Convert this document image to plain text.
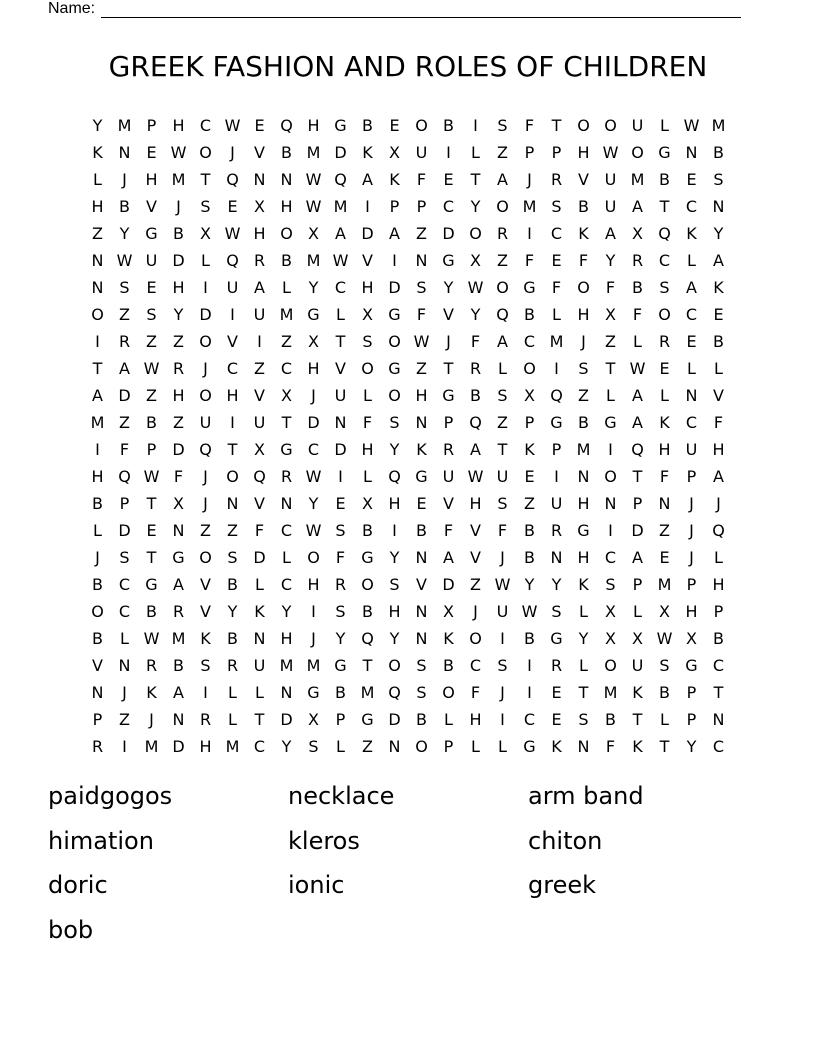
Name:
GREEK FASHION AND ROLES OF CHILDREN
Y M P	H C W E Q H G B	E O B	I	S	F	T O O U	L W M
K N E W O	J	V	B M D K	X U	I	L	Z	P	P	H W O G N B
L	J	H M T Q N N W Q A	K	F	E	T	A	J	R V U M B	E	S
H B	V	J	S	E	X H W M	I	P	P	C	Y O M S	B U A	T	C N
Z	Y G B	X W H O X	A D A	Z D O R	I	C	K	A	X Q K	Y
N W U D	L	Q R B M W V	I	N G X	Z	F	E	F	Y	R C	L	A
N S	E H	I	U A	L	Y	C H D S	Y W O G	F	O	F	B	S	A	K
O Z	S	Y D	I	U M G	L	X G	F	V	Y Q B	L	H X	F	O C	E
I	R Z	Z O V	I	Z	X	T	S O W	J	F	A C M	J	Z	L	R	E	B
T	A W R	J	C Z C H V O G Z	T	R	L	O	I	S	T W E	L	L
A D Z H O H V	X	J	U	L	O H G B	S	X Q Z	L	A	L	N V
M Z	B	Z U	I	U	T D N	F	S N	P Q Z	P G B G A	K	C	F
I	F	P	D Q T	X G C D H	Y	K	R A	T	K	P M	I	Q H U H
H Q W F	J	O Q R W	I	L	Q G U W U	E	I	N O T	F	P	A
B	P	T	X	J	N V N	Y	E	X H E	V H S	Z U H N	P	N	J	J
L	D E N Z	Z	F	C W S	B	I	B	F	V	F	B R G	I	D Z	J	Q
J	S	T G O S D	L	O	F	G Y	N A	V	J	B N H C A	E	J	L
B C G A	V	B	L	C H R O S	V D Z W Y	Y	K	S	P M P	H
O C B R V	Y	K	Y	I	S	B H N X	J	U W S	L	X	L	X H	P
B	L W M K	B N H	J	Y Q Y	N K O	I	B G Y	X	X W X	B
V N R B	S	R U M M G T O S	B C	S	I	R	L	O U	S G C
N	J	K	A	I	L	L	N G B M Q S O	F	J	I	E	T M K	B	P	T
P	Z	J	N R	L	T D X	P G D B	L	H	I	C	E	S	B	T	L	P	N
R	I	M D H M C	Y	S	L	Z N O P	L	L	G K N	F	K	T	Y	C
paidgogos	necklace	arm band
himation	kleros	chiton
doric	ionic	greek
bob
